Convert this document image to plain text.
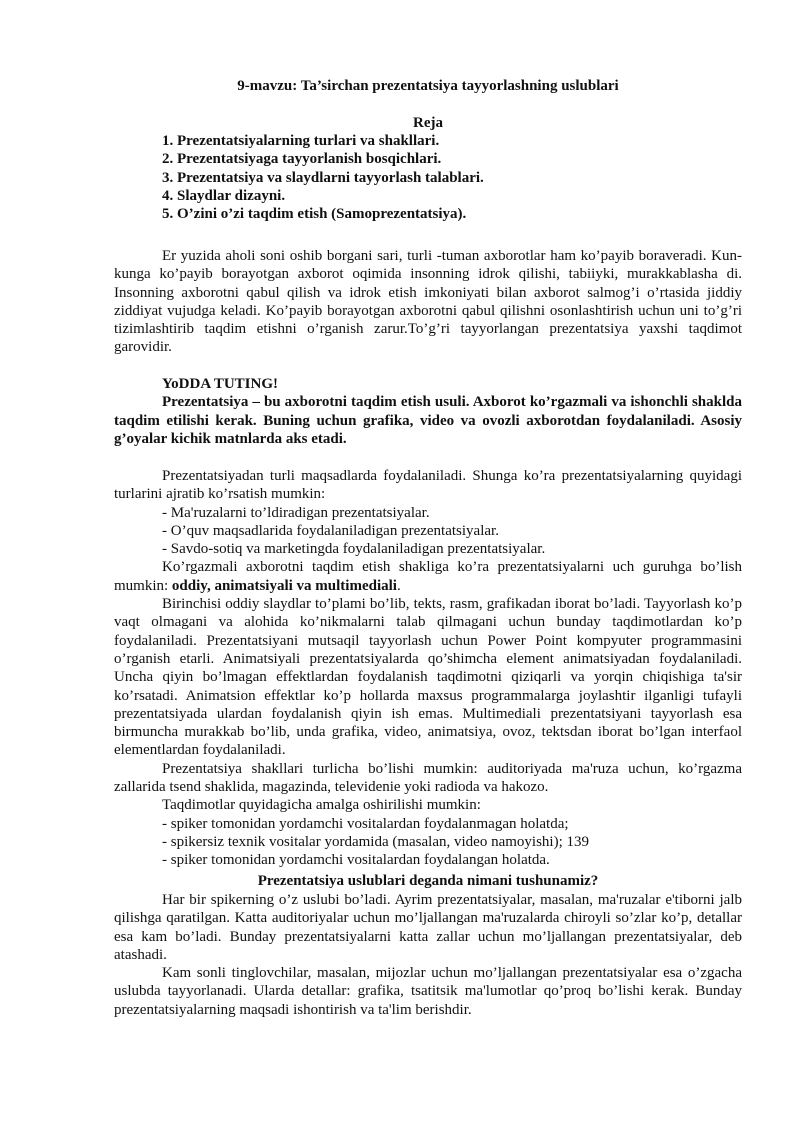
9-mavzu: Ta’sirchan prezentatsiya tayyorlashning uslublari
Reja
1. Prezentatsiyalarning turlari va shakllari.
2. Prezentatsiyaga tayyorlanish bosqichlari.
3. Prezentatsiya va slaydlarni tayyorlash talablari.
4. Slaydlar dizayni.
5. O’zini o’zi taqdim etish (Samoprezentatsiya).

Er yuzida aholi soni oshib borgani sari, turli -tuman axborotlar ham ko’payib boraveradi. Kun-kunga ko’payib borayotgan axborot oqimida insonning idrok qilishi, tabiiyki, murakkablasha di. Insonning axborotni qabul qilish va idrok etish imkoniyati bilan axborot salmog’i o’rtasida jiddiy ziddiyat vujudga keladi. Ko’payib borayotgan axborotni qabul qilishni osonlashtirish uchun uni to’g’ri tizimlashtirib taqdim etishni o’rganish zarur.To’g’ri tayyorlangan prezentatsiya yaxshi taqdimot garovidir.

YoDDA TUTING!

Prezentatsiya – bu axborotni taqdim etish usuli. Axborot ko’rgazmali va ishonchli shaklda taqdim etilishi kerak. Buning uchun grafika, video va ovozli axborotdan foydalaniladi. Asosiy g’oyalar kichik matnlarda aks etadi.

Prezentatsiyadan turli maqsadlarda foydalaniladi. Shunga ko’ra prezentatsiyalarning quyidagi turlarini ajratib ko’rsatish mumkin:

- Ma'ruzalarni to’ldiradigan prezentatsiyalar.

- O’quv maqsadlarida foydalaniladigan prezentatsiyalar.

- Savdo-sotiq va marketingda foydalaniladigan prezentatsiyalar.

Ko’rgazmali axborotni taqdim etish shakliga ko’ra prezentatsiyalarni uch guruhga bo’lish mumkin: oddiy, animatsiyali va multimediali.

Birinchisi oddiy slaydlar to’plami bo’lib, tekts, rasm, grafikadan iborat bo’ladi. Tayyorlash ko’p vaqt olmagani va alohida ko’nikmalarni talab qilmagani uchun bunday taqdimotlardan ko’p foydalaniladi. Prezentatsiyani mutsaqil tayyorlash uchun Power Point kompyuter programmasini o’rganish etarli. Animatsiyali prezentatsiyalarda qo’shimcha element animatsiyadan foydalaniladi. Uncha qiyin bo’lmagan effektlardan foydalanish taqdimotni qiziqarli va yorqin chiqishiga ta'sir ko’rsatadi. Animatsion effektlar ko’p hollarda maxsus programmalarga joylashtir ilganligi tufayli prezentatsiyada ulardan foydalanish qiyin ish emas. Multimediali prezentatsiyani tayyorlash esa birmuncha murakkab bo’lib, unda grafika, video, animatsiya, ovoz, tektsdan iborat bo’lgan interfaol elementlardan foydalaniladi.

Prezentatsiya shakllari turlicha bo’lishi mumkin: auditoriyada ma'ruza uchun, ko’rgazma zallarida tsend shaklida, magazinda, televidenie yoki radioda va hakozo.

Taqdimotlar quyidagicha amalga oshirilishi mumkin:

- spiker tomonidan yordamchi vositalardan foydalanmagan holatda;

- spikersiz texnik vositalar yordamida (masalan, video namoyishi); 139

- spiker tomonidan yordamchi vositalardan foydalangan holatda.

Prezentatsiya uslublari deganda nimani tushunamiz?

Har bir spikerning o’z uslubi bo’ladi. Ayrim prezentatsiyalar, masalan, ma'ruzalar e'tiborni jalb qilishga qaratilgan. Katta auditoriyalar uchun mo’ljallangan ma'ruzalarda chiroyli so’zlar ko’p, detallar esa kam bo’ladi. Bunday prezentatsiyalarni katta zallar uchun mo’ljallangan prezentatsiyalar, deb atashadi.

Kam sonli tinglovchilar, masalan, mijozlar uchun mo’ljallangan prezentatsiyalar esa o’zgacha uslubda tayyorlanadi. Ularda detallar: grafika, tsatitsik ma'lumotlar qo’proq bo’lishi kerak. Bunday prezentatsiyalarning maqsadi ishontirish va ta'lim berishdir.
